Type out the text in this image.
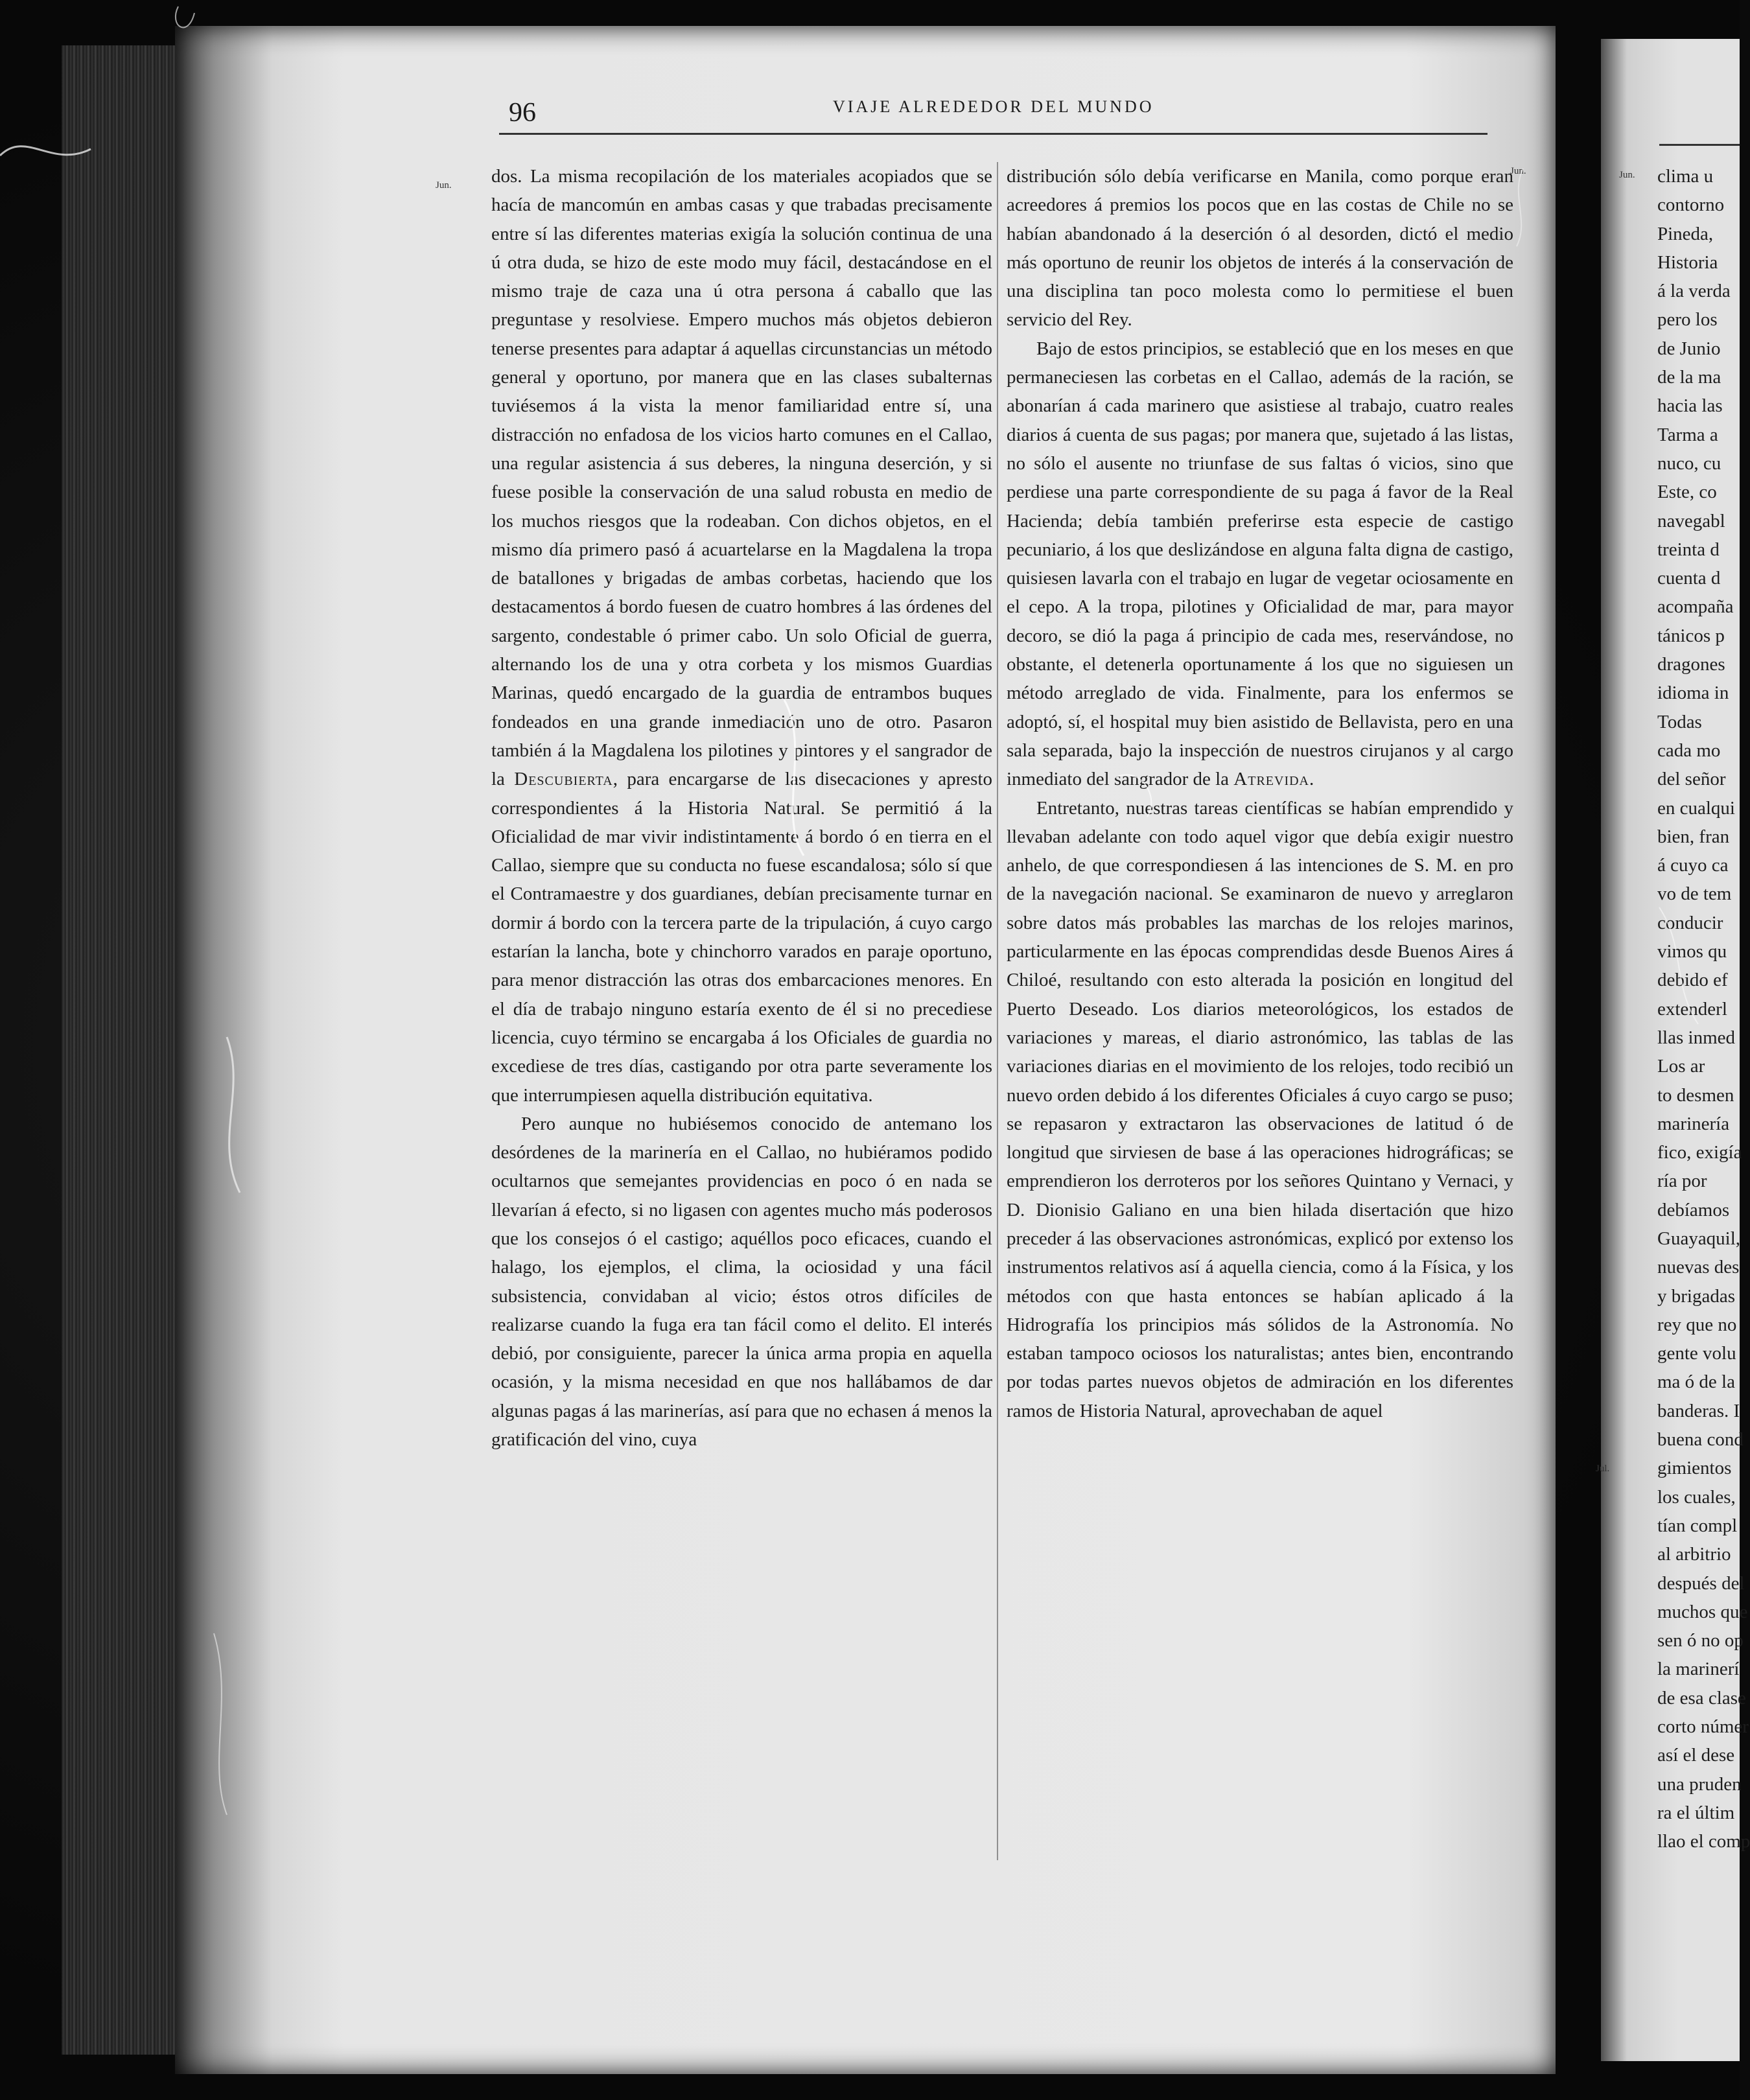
96	VIAJE ALREDEDOR DEL MUNDO
Jun.
Jun.	Jun.
Jul.

dos. La misma recopilación de los materiales acopiados que se hacía de mancomún en ambas casas y que trabadas precisamente entre sí las diferentes materias exigía la solución continua de una ú otra duda, se hizo de este modo muy fácil, destacándose en el mismo traje de caza una ú otra persona á caballo que las preguntase y resolviese. Empero muchos más objetos debieron tenerse presentes para adaptar á aquellas circunstancias un método general y oportuno, por manera que en las clases subalternas tuviésemos á la vista la menor familiaridad entre sí, una distracción no enfadosa de los vicios harto comunes en el Callao, una regular asistencia á sus deberes, la ninguna deserción, y si fuese posible la conservación de una salud robusta en medio de los muchos riesgos que la rodeaban. Con dichos objetos, en el mismo día primero pasó á acuartelarse en la Magdalena la tropa de batallones y brigadas de ambas corbetas, haciendo que los destacamentos á bordo fuesen de cuatro hombres á las órdenes del sargento, condestable ó primer cabo. Un solo Oficial de guerra, alternando los de una y otra corbeta y los mismos Guardias Marinas, quedó encargado de la guardia de entrambos buques fondeados en una grande inmediación uno de otro. Pasaron también á la Magdalena los pilotines y pintores y el sangrador de la Descubierta, para encargarse de las disecaciones y apresto correspondientes á la Historia Natural. Se permitió á la Oficialidad de mar vivir indistintamente á bordo ó en tierra en el Callao, siempre que su conducta no fuese escandalosa; sólo sí que el Contramaestre y dos guardianes, debían precisamente turnar en dormir á bordo con la tercera parte de la tripulación, á cuyo cargo estarían la lancha, bote y chinchorro varados en paraje oportuno, para menor distracción las otras dos embarcaciones menores. En el día de trabajo ninguno estaría exento de él si no precediese licencia, cuyo término se encargaba á los Oficiales de guardia no excediese de tres días, castigando por otra parte severamente los que interrumpiesen aquella distribución equitativa.

Pero aunque no hubiésemos conocido de antemano los desórdenes de la marinería en el Callao, no hubiéramos podido ocultarnos que semejantes providencias en poco ó en nada se llevarían á efecto, si no ligasen con agentes mucho más poderosos que los consejos ó el castigo; aquéllos poco eficaces, cuando el halago, los ejemplos, el clima, la ociosidad y una fácil subsistencia, convidaban al vicio; éstos otros difíciles de realizarse cuando la fuga era tan fácil como el delito. El interés debió, por consiguiente, parecer la única arma propia en aquella ocasión, y la misma necesidad en que nos hallábamos de dar algunas pagas á las marinerías, así para que no echasen á menos la gratificación del vino, cuya

distribución sólo debía verificarse en Manila, como porque eran acreedores á premios los pocos que en las costas de Chile no se habían abandonado á la deserción ó al desorden, dictó el medio más oportuno de reunir los objetos de interés á la conservación de una disciplina tan poco molesta como lo permitiese el buen servicio del Rey.

Bajo de estos principios, se estableció que en los meses en que permaneciesen las corbetas en el Callao, además de la ración, se abonarían á cada marinero que asistiese al trabajo, cuatro reales diarios á cuenta de sus pagas; por manera que, sujetado á las listas, no sólo el ausente no triunfase de sus faltas ó vicios, sino que perdiese una parte correspondiente de su paga á favor de la Real Hacienda; debía también preferirse esta especie de castigo pecuniario, á los que deslizándose en alguna falta digna de castigo, quisiesen lavarla con el trabajo en lugar de vegetar ociosamente en el cepo. A la tropa, pilotines y Oficialidad de mar, para mayor decoro, se dió la paga á principio de cada mes, reservándose, no obstante, el detenerla oportunamente á los que no siguiesen un método arreglado de vida. Finalmente, para los enfermos se adoptó, sí, el hospital muy bien asistido de Bellavista, pero en una sala separada, bajo la inspección de nuestros cirujanos y al cargo inmediato del sangrador de la Atrevida.

Entretanto, nuestras tareas científicas se habían emprendido y llevaban adelante con todo aquel vigor que debía exigir nuestro anhelo, de que correspondiesen á las intenciones de S. M. en pro de la navegación nacional. Se examinaron de nuevo y arreglaron sobre datos más probables las marchas de los relojes marinos, particularmente en las épocas comprendidas desde Buenos Aires á Chiloé, resultando con esto alterada la posición en longitud del Puerto Deseado. Los diarios meteorológicos, los estados de variaciones y mareas, el diario astronómico, las tablas de las variaciones diarias en el movimiento de los relojes, todo recibió un nuevo orden debido á los diferentes Oficiales á cuyo cargo se puso; se repasaron y extractaron las observaciones de latitud ó de longitud que sirviesen de base á las operaciones hidrográficas; se emprendieron los derroteros por los señores Quintano y Vernaci, y D. Dionisio Galiano en una bien hilada disertación que hizo preceder á las observaciones astronómicas, explicó por extenso los instrumentos relativos así á aquella ciencia, como á la Física, y los métodos con que hasta entonces se habían aplicado á la Hidrografía los principios más sólidos de la Astronomía. No estaban tampoco ociosos los naturalistas; antes bien, encontrando por todas partes nuevos objetos de admiración en los diferentes ramos de Historia Natural, aprovechaban de aquel

clima u
contorno
Pineda,
Historia
á la verda
pero los
de Junio
de la ma
hacia las
Tarma a
nuco, cu
Este, co
navegabl
treinta d
cuenta d
acompaña
tánicos p
dragones
idioma in
Todas
cada mo
del señor
en cualqui
bien, fran
á cuyo ca
vo de tem
conducir
vimos qu
debido ef
extenderl
llas inmed
Los ar
to desmen
marinería
fico, exigía
ría por
debíamos
Guayaquil,
nuevas des
y brigadas
rey que no
gente volu
ma ó de la
banderas. I
buena cond
gimientos
los cuales,
tían compl
al arbitrio
después del
muchos que
sen ó no op
la marinerí
de esa clase
corto númer
así el dese
una pruden
ra el últim
llao el comp
